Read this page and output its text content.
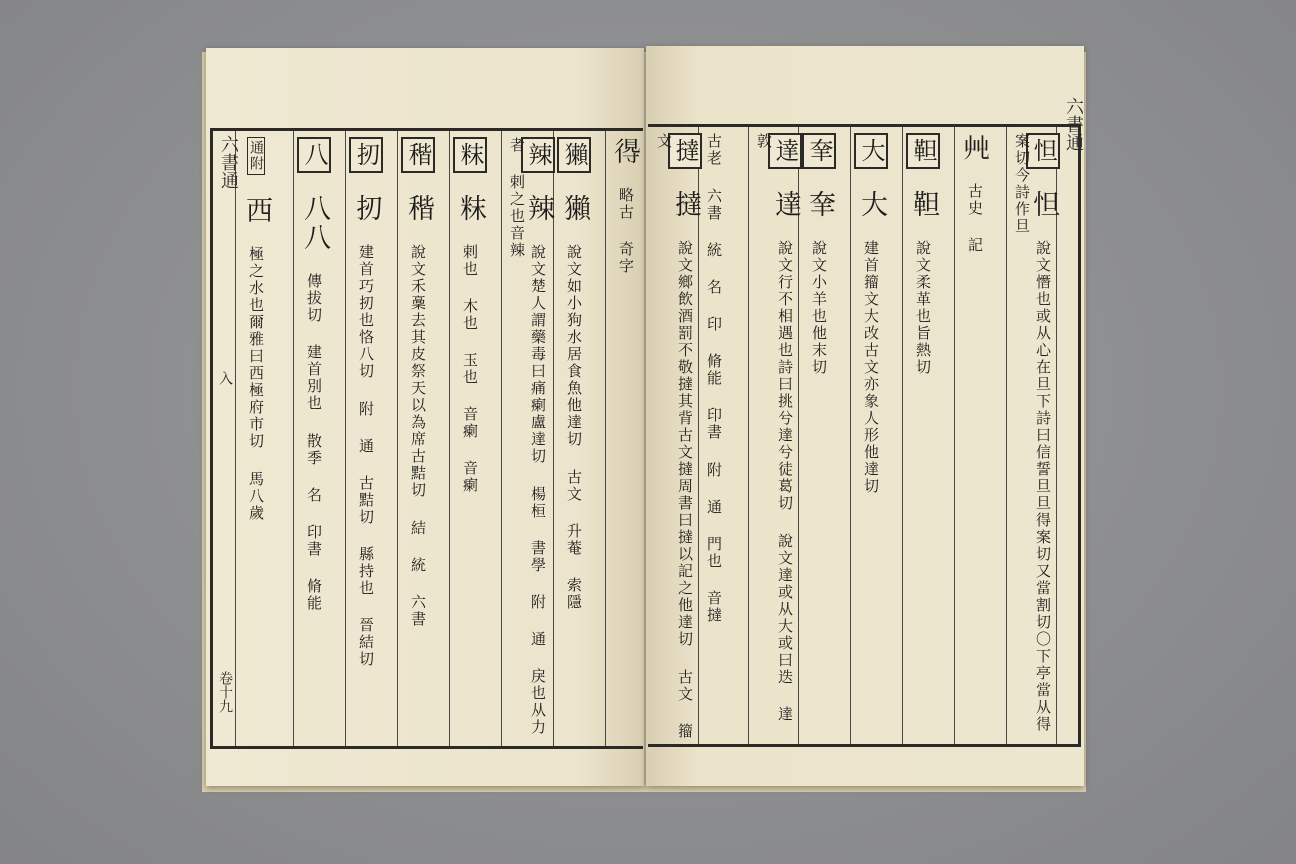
六書通
入
卷十九
通附 西 極之水也爾雅曰西極府市切 馬八歲
八 八八 傳拔切 建首別也 散季 名 印書 脩能
扨 扨 建首巧扨也恪八切 附 通 古黠切 縣持也 晉結切
稭 稭 說文禾稾去其皮祭天以為席古黠切 結 統 六書
粖 粖 剌也 木也 玉也 音瘌 音瘌
辣 辣 說文楚人謂藥毒曰痛瘌盧達切 楊桓 書學 附 通 戾也从力者 剌之也音辣	獺 獺 說文如小狗水居食魚他達切 古文 升菴 索隱
𢔶 略古 奇字
六書通
怛 怛 說文憯也或从心在旦下詩曰信誓旦旦得案切又當割切〇下亭當从得案切今詩作旦
𡴂 古史 記
靼 靼 說文柔革也旨熱切
大 大 建首籀文大改古文亦象人形他達切
羍 羍 說文小羊也他末切
達 達 說文行不相遇也詩曰挑兮達兮徒葛切 說文達或从大或曰迭 達 敦
古老 六書 統 名 印 脩能 印書 附 通 門也 音撻
撻 撻 說文鄉飲酒罰不敬撻其背古文撻周書曰撻以記之他達切 古文 籀文
